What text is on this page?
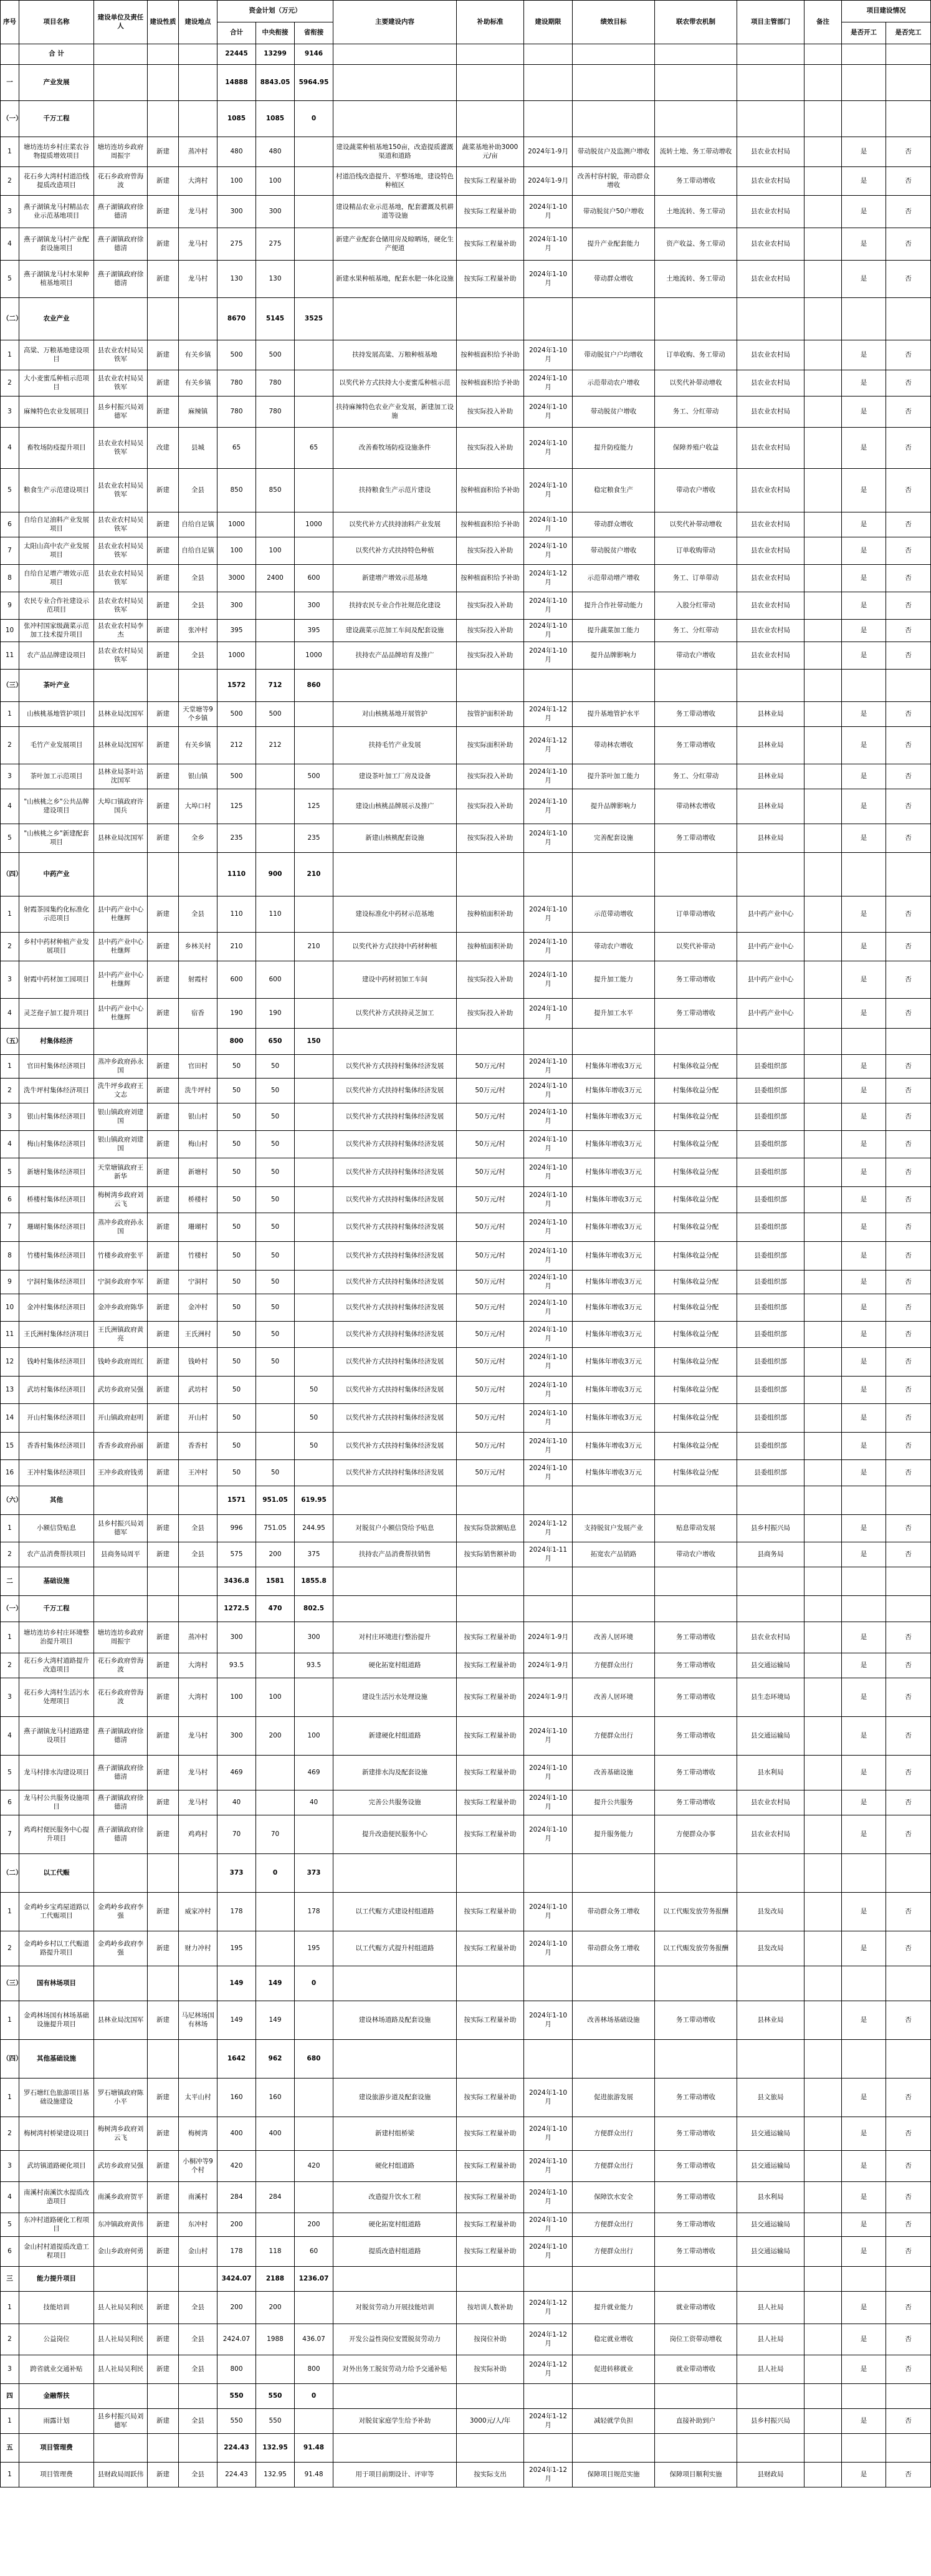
序号	项目名称	建设单位及责任人	建设性质	建设地点	资金计划（万元）			主要建设内容	补助标准	建设期限	绩效目标	联农带农机制	项目主管部门	备注	项目建设情况	
					合计	中央衔接	省衔接								是否开工	是否完工
	合 计				22445	13299	9146									
一	产业发展				14888	8843.05	5964.95									
（一）	千万工程				1085	1085	0									
1	塘坊连坊乡村庄菜农谷物提质增效项目	塘坊连坊乡政府周振宇	新建	蒸冲村	480	480		建设蔬菜种植基地150亩，改造提质灌溉渠道和道路	蔬菜基地补助3000元/亩	2024年1-9月	带动脱贫户及监测户增收	流转土地、务工带动增收	县农业农村局		是	否
2	花石乡大湾村村道沿线提质改造项目	花石乡政府曾海波	新建	大湾村	100	100		村道沿线改造提升、平整场地，建设特色种植区	按实际工程量补助	2024年1-9月	改善村容村貌，带动群众增收	务工带动增收	县农业农村局		是	否
3	燕子湖镇龙马村精品农业示范基地项目	燕子湖镇政府徐德清	新建	龙马村	300	300		建设精品农业示范基地，配套灌溉及机耕道等设施	按实际工程量补助	2024年1-10月	带动脱贫户50户增收	土地流转、务工带动	县农业农村局		是	否
4	燕子湖镇龙马村产业配套设施项目	燕子湖镇政府徐德清	新建	龙马村	275	275		新建产业配套仓储用房及晾晒场，硬化生产便道	按实际工程量补助	2024年1-10月	提升产业配套能力	资产收益、务工带动	县农业农村局		是	否
5	燕子湖镇龙马村水果种植基地项目	燕子湖镇政府徐德清	新建	龙马村	130	130		新建水果种植基地，配套水肥一体化设施	按实际工程量补助	2024年1-10月	带动群众增收	土地流转、务工带动	县农业农村局		是	否
（二）	农业产业				8670	5145	3525									
1	高粱、万粮基地建设项目	县农业农村局吴铁军	新建	有关乡镇	500	500		扶持发展高粱、万粮种植基地	按种植面积给予补助	2024年1-10月	带动脱贫户户均增收	订单收购、务工带动	县农业农村局		是	否
2	大小麦蜜瓜种植示范项目	县农业农村局吴铁军	新建	有关乡镇	780	780		以奖代补方式扶持大小麦蜜瓜种植示范	按种植面积给予补助	2024年1-10月	示范带动农户增收	以奖代补带动增收	县农业农村局		是	否
3	麻辣特色农业发展项目	县乡村振兴局刘德军	新建	麻辣镇	780	780		扶持麻辣特色农业产业发展，新建加工设施	按实际投入补助	2024年1-10月	带动脱贫户增收	务工、分红带动	县农业农村局		是	否
4	畜牧场防疫提升项目	县农业农村局吴铁军	改建	县城	65		65	改善畜牧场防疫设施条件	按实际投入补助	2024年1-10月	提升防疫能力	保障养殖户收益	县农业农村局		是	否
5	粮食生产示范建设项目	县农业农村局吴铁军	新建	全县	850	850		扶持粮食生产示范片建设	按种植面积给予补助	2024年1-10月	稳定粮食生产	带动农户增收	县农业农村局		是	否
6	自给自足油料产业发展项目	县农业农村局吴铁军	新建	自给自足镇	1000		1000	以奖代补方式扶持油料产业发展	按种植面积给予补助	2024年1-10月	带动群众增收	以奖代补带动增收	县农业农村局		是	否
7	太阳山高中农产业发展项目	县农业农村局吴铁军	新建	自给自足镇	100	100		以奖代补方式扶持特色种植	按实际投入补助	2024年1-10月	带动脱贫户增收	订单收购带动	县农业农村局		是	否
8	自给自足增产增效示范项目	县农业农村局吴铁军	新建	全县	3000	2400	600	新建增产增效示范基地	按种植面积给予补助	2024年1-12月	示范带动增产增收	务工、订单带动	县农业农村局		是	否
9	农民专业合作社建设示范项目	县农业农村局吴铁军	新建	全县	300		300	扶持农民专业合作社规范化建设	按实际投入补助	2024年1-10月	提升合作社带动能力	入股分红带动	县农业农村局		是	否
10	张冲村国家级蔬菜示范加工技术提升项目	县农业农村局李杰	新建	张冲村	395		395	建设蔬菜示范加工车间及配套设施	按实际投入补助	2024年1-10月	提升蔬菜加工能力	务工、分红带动	县农业农村局		是	否
11	农产品品牌建设项目	县农业农村局吴铁军	新建	全县	1000		1000	扶持农产品品牌培育及推广	按实际投入补助	2024年1-10月	提升品牌影响力	带动农户增收	县农业农村局		是	否
（三）	茶叶产业				1572	712	860									
1	山核桃基地管护项目	县林业局沈国军	新建	天堂塘等9个乡镇	500	500		对山核桃基地开展管护	按管护面积补助	2024年1-12月	提升基地管护水平	务工带动增收	县林业局		是	否
2	毛竹产业发展项目	县林业局沈国军	新建	有关乡镇	212	212		扶持毛竹产业发展	按实际面积补助	2024年1-12月	带动林农增收	务工带动增收	县林业局		是	否
3	茶叶加工示范项目	县林业局茶叶站沈国军	新建	银山镇	500		500	建设茶叶加工厂房及设备	按实际投入补助	2024年1-10月	提升茶叶加工能力	务工、分红带动	县林业局		是	否
4	"山核桃之乡"公共品牌建设项目	大埠口镇政府许国兵	新建	大埠口村	125		125	建设山核桃品牌展示及推广	按实际投入补助	2024年1-10月	提升品牌影响力	带动林农增收	县林业局		是	否
5	"山核桃之乡"新建配套项目	县林业局沈国军	新建	全乡	235		235	新建山核桃配套设施	按实际投入补助	2024年1-10月	完善配套设施	务工带动增收	县林业局		是	否
（四）	中药产业				1110	900	210									
1	射霞茶园集约化标准化示范项目	县中药产业中心杜继辉	新建	全县	110	110		建设标准化中药材示范基地	按种植面积补助	2024年1-10月	示范带动增收	订单带动增收	县中药产业中心		是	否
2	乡村中药材种植产业发展项目	县中药产业中心杜继辉	新建	乡林关村	210		210	以奖代补方式扶持中药材种植	按种植面积补助	2024年1-10月	带动农户增收	以奖代补带动	县中药产业中心		是	否
3	射霞中药材加工园项目	县中药产业中心杜继辉	新建	射霞村	600	600		建设中药材初加工车间	按实际投入补助	2024年1-10月	提升加工能力	务工带动增收	县中药产业中心		是	否
4	灵芝孢子加工提升项目	县中药产业中心杜继辉	新建	宿香	190	190		以奖代补方式扶持灵芝加工	按实际投入补助	2024年1-10月	提升加工水平	务工带动增收	县中药产业中心		是	否
（五）	村集体经济				800	650	150									
1	官田村集体经济项目	蒸冲乡政府孙永国	新建	官田村	50	50		以奖代补方式扶持村集体经济发展	50万元/村	2024年1-10月	村集体年增收3万元	村集体收益分配	县委组织部		是	否
2	洗牛坪村集体经济项目	洗牛坪乡政府王文志	新建	洗牛坪村	50	50		以奖代补方式扶持村集体经济发展	50万元/村	2024年1-10月	村集体年增收3万元	村集体收益分配	县委组织部		是	否
3	银山村集体经济项目	银山镇政府刘建国	新建	银山村	50	50		以奖代补方式扶持村集体经济发展	50万元/村	2024年1-10月	村集体年增收3万元	村集体收益分配	县委组织部		是	否
4	梅山村集体经济项目	银山镇政府刘建国	新建	梅山村	50	50		以奖代补方式扶持村集体经济发展	50万元/村	2024年1-10月	村集体年增收3万元	村集体收益分配	县委组织部		是	否
5	新塘村集体经济项目	天堂塘镇政府王新华	新建	新塘村	50	50		以奖代补方式扶持村集体经济发展	50万元/村	2024年1-10月	村集体年增收3万元	村集体收益分配	县委组织部		是	否
6	桥楼村集体经济项目	梅树湾乡政府刘云飞	新建	桥楼村	50	50		以奖代补方式扶持村集体经济发展	50万元/村	2024年1-10月	村集体年增收3万元	村集体收益分配	县委组织部		是	否
7	珊瑚村集体经济项目	蒸冲乡政府孙永国	新建	珊瑚村	50	50		以奖代补方式扶持村集体经济发展	50万元/村	2024年1-10月	村集体年增收3万元	村集体收益分配	县委组织部		是	否
8	竹楼村集体经济项目	竹楼乡政府张平	新建	竹楼村	50	50		以奖代补方式扶持村集体经济发展	50万元/村	2024年1-10月	村集体年增收3万元	村集体收益分配	县委组织部		是	否
9	宁洞村集体经济项目	宁洞乡政府李军	新建	宁洞村	50	50		以奖代补方式扶持村集体经济发展	50万元/村	2024年1-10月	村集体年增收3万元	村集体收益分配	县委组织部		是	否
10	金冲村集体经济项目	金冲乡政府陈华	新建	金冲村	50	50		以奖代补方式扶持村集体经济发展	50万元/村	2024年1-10月	村集体年增收3万元	村集体收益分配	县委组织部		是	否
11	王氏洲村集体经济项目	王氏洲镇政府黄亮	新建	王氏洲村	50	50		以奖代补方式扶持村集体经济发展	50万元/村	2024年1-10月	村集体年增收3万元	村集体收益分配	县委组织部		是	否
12	钱岭村集体经济项目	钱岭乡政府周红	新建	钱岭村	50	50		以奖代补方式扶持村集体经济发展	50万元/村	2024年1-10月	村集体年增收3万元	村集体收益分配	县委组织部		是	否
13	武坊村集体经济项目	武坊乡政府吴强	新建	武坊村	50		50	以奖代补方式扶持村集体经济发展	50万元/村	2024年1-10月	村集体年增收3万元	村集体收益分配	县委组织部		是	否
14	开山村集体经济项目	开山镇政府赵明	新建	开山村	50		50	以奖代补方式扶持村集体经济发展	50万元/村	2024年1-10月	村集体年增收3万元	村集体收益分配	县委组织部		是	否
15	香香村集体经济项目	香香乡政府孙丽	新建	香香村	50		50	以奖代补方式扶持村集体经济发展	50万元/村	2024年1-10月	村集体年增收3万元	村集体收益分配	县委组织部		是	否
16	王冲村集体经济项目	王冲乡政府钱勇	新建	王冲村	50	50		以奖代补方式扶持村集体经济发展	50万元/村	2024年1-10月	村集体年增收3万元	村集体收益分配	县委组织部		是	否
（六）	其他				1571	951.05	619.95									
1	小额信贷贴息	县乡村振兴局刘德军	新建	全县	996	751.05	244.95	对脱贫户小额信贷给予贴息	按实际贷款额贴息	2024年1-12月	支持脱贫户发展产业	贴息带动发展	县乡村振兴局		是	否
2	农产品消费帮扶项目	县商务局周平	新建	全县	575	200	375	扶持农产品消费帮扶销售	按实际销售额补助	2024年1-11月	拓宽农产品销路	带动农户增收	县商务局		是	否
二	基础设施				3436.8	1581	1855.8									
（一）	千万工程				1272.5	470	802.5									
1	塘坊连坊乡村庄环境整治提升项目	塘坊连坊乡政府周振宇	新建	蒸冲村	300		300	对村庄环境进行整治提升	按实际工程量补助	2024年1-9月	改善人居环境	务工带动增收	县农业农村局		是	否
2	花石乡大湾村道路提升改造项目	花石乡政府曾海波	新建	大湾村	93.5		93.5	硬化拓宽村组道路	按实际工程量补助	2024年1-9月	方便群众出行	务工带动增收	县交通运输局		是	否
3	花石乡大湾村生活污水处理项目	花石乡政府曾海波	新建	大湾村	100	100		建设生活污水处理设施	按实际工程量补助	2024年1-9月	改善人居环境	务工带动增收	县生态环境局		是	否
4	燕子湖镇龙马村道路建设项目	燕子湖镇政府徐德清	新建	龙马村	300	200	100	新建硬化村组道路	按实际工程量补助	2024年1-10月	方便群众出行	务工带动增收	县交通运输局		是	否
5	龙马村排水沟建设项目	燕子湖镇政府徐德清	新建	龙马村	469		469	新建排水沟及配套设施	按实际工程量补助	2024年1-10月	改善基础设施	务工带动增收	县水利局		是	否
6	龙马村公共服务设施项目	燕子湖镇政府徐德清	新建	龙马村	40		40	完善公共服务设施	按实际工程量补助	2024年1-10月	提升公共服务	务工带动增收	县农业农村局		是	否
7	鸡鸡村便民服务中心提升项目	燕子湖镇政府徐德清	新建	鸡鸡村	70	70		提升改造便民服务中心	按实际工程量补助	2024年1-10月	提升服务能力	方便群众办事	县农业农村局		是	否
（二）	以工代赈				373	0	373									
1	金鸡岭乡宝鸡屋道路以工代赈项目	金鸡岭乡政府李强	新建	威家冲村	178		178	以工代赈方式建设村组道路	按实际工程量补助	2024年1-10月	带动群众务工增收	以工代赈发放劳务报酬	县发改局		是	否
2	金鸡岭乡村以工代赈道路提升项目	金鸡岭乡政府李强	新建	财力冲村	195		195	以工代赈方式提升村组道路	按实际工程量补助	2024年1-10月	带动群众务工增收	以工代赈发放劳务报酬	县发改局		是	否
（三）	国有林场项目				149	149	0									
1	金鸡林场国有林场基础设施提升项目	县林业局沈国军	新建	马尼林场国有林场	149	149		建设林场道路及配套设施	按实际工程量补助	2024年1-10月	改善林场基础设施	务工带动增收	县林业局		是	否
（四）	其他基础设施				1642	962	680									
1	罗石塘红色旅游项目基础设施建设	罗石塘镇政府陈小平	新建	太平山村	160	160		建设旅游步道及配套设施	按实际工程量补助	2024年1-10月	促进旅游发展	务工带动增收	县文旅局		是	否
2	梅树湾村桥梁建设项目	梅树湾乡政府刘云飞	新建	梅树湾	400	400		新建村组桥梁	按实际工程量补助	2024年1-10月	方便群众出行	务工带动增收	县交通运输局		是	否
3	武坊镇道路硬化项目	武坊乡政府吴强	新建	小桐冲等9个村	420		420	硬化村组道路	按实际工程量补助	2024年1-10月	方便群众出行	务工带动增收	县交通运输局		是	否
4	南溪村南溪饮水提质改造项目	南溪乡政府贺平	新建	南溪村	284	284		改造提升饮水工程	按实际工程量补助	2024年1-10月	保障饮水安全	务工带动增收	县水利局		是	否
5	东冲村道路硬化工程项目	东冲镇政府黄伟	新建	东冲村	200		200	硬化拓宽村组道路	按实际工程量补助	2024年1-10月	方便群众出行	务工带动增收	县交通运输局		是	否
6	金山村村道提质改造工程项目	金山乡政府何勇	新建	金山村	178	118	60	提质改造村组道路	按实际工程量补助	2024年1-10月	方便群众出行	务工带动增收	县交通运输局		是	否
三	能力提升项目				3424.07	2188	1236.07									
1	技能培训	县人社局吴利民	新建	全县	200	200		对脱贫劳动力开展技能培训	按培训人数补助	2024年1-12月	提升就业能力	就业带动增收	县人社局		是	否
2	公益岗位	县人社局吴利民	新建	全县	2424.07	1988	436.07	开发公益性岗位安置脱贫劳动力	按岗位补助	2024年1-12月	稳定就业增收	岗位工资带动增收	县人社局		是	否
3	跨省就业交通补贴	县人社局吴利民	新建	全县	800		800	对外出务工脱贫劳动力给予交通补贴	按实际补助	2024年1-12月	促进转移就业	就业带动增收	县人社局		是	否
四	金融帮扶				550	550	0									
1	雨露计划	县乡村振兴局刘德军	新建	全县	550	550		对脱贫家庭学生给予补助	3000元/人/年	2024年1-12月	减轻就学负担	直接补助到户	县乡村振兴局		是	否
五	项目管理费				224.43	132.95	91.48									
1	项目管理费	县财政局周跃伟	新建	全县	224.43	132.95	91.48	用于项目前期设计、评审等	按实际支出	2024年1-12月	保障项目规范实施	保障项目顺利实施	县财政局		是	否
